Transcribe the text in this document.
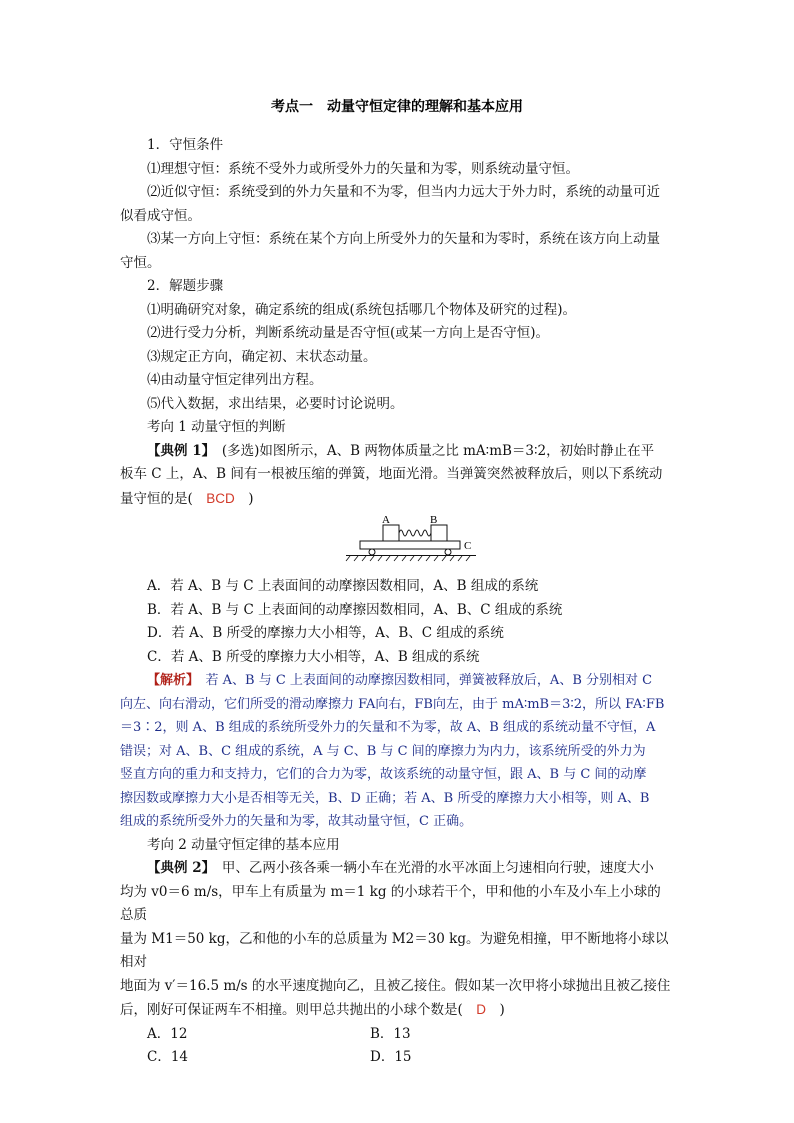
考点一　动量守恒定律的理解和基本应用

1．守恒条件

⑴理想守恒：系统不受外力或所受外力的矢量和为零，则系统动量守恒。

⑵近似守恒：系统受到的外力矢量和不为零，但当内力远大于外力时，系统的动量可近

似看成守恒。

⑶某一方向上守恒：系统在某个方向上所受外力的矢量和为零时，系统在该方向上动量

守恒。

2．解题步骤

⑴明确研究对象，确定系统的组成(系统包括哪几个物体及研究的过程)。

⑵进行受力分析，判断系统动量是否守恒(或某一方向上是否守恒)。

⑶规定正方向，确定初、末状态动量。

⑷由动量守恒定律列出方程。

⑸代入数据，求出结果，必要时讨论说明。

考向 1 动量守恒的判断

【典例 1】　(多选)如图所示，A、B 两物体质量之比 mA∶mB＝3∶2，初始时静止在平

板车 C 上，A、B 间有一根被压缩的弹簧，地面光滑。当弹簧突然被释放后，则以下系统动

量守恒的是(　BCD　)

A	B
C

A．若 A、B 与 C 上表面间的动摩擦因数相同，A、B 组成的系统

B．若 A、B 与 C 上表面间的动摩擦因数相同，A、B、C 组成的系统

D．若 A、B 所受的摩擦力大小相等，A、B、C 组成的系统

C．若 A、B 所受的摩擦力大小相等，A、B 组成的系统

【解析】　若 A、B 与 C 上表面间的动摩擦因数相同，弹簧被释放后，A、B 分别相对 C

向左、向右滑动，它们所受的滑动摩擦力 FA向右，FB向左，由于 mA∶mB＝3∶2，所以 FA∶FB

＝3∶2，则 A、B 组成的系统所受外力的矢量和不为零，故 A、B 组成的系统动量不守恒，A

错误；对 A、B、C 组成的系统，A 与 C、B 与 C 间的摩擦力为内力，该系统所受的外力为

竖直方向的重力和支持力，它们的合力为零，故该系统的动量守恒，跟 A、B 与 C 间的动摩

擦因数或摩擦力大小是否相等无关，B、D 正确；若 A、B 所受的摩擦力大小相等，则 A、B

组成的系统所受外力的矢量和为零，故其动量守恒，C 正确。

考向 2 动量守恒定律的基本应用

【典例 2】　甲、乙两小孩各乘一辆小车在光滑的水平冰面上匀速相向行驶，速度大小

均为 v0＝6 m/s，甲车上有质量为 m＝1 kg 的小球若干个，甲和他的小车及小车上小球的总质

量为 M1＝50 kg，乙和他的小车的总质量为 M2＝30 kg。为避免相撞，甲不断地将小球以相对

地面为 v′＝16.5 m/s 的水平速度抛向乙，且被乙接住。假如某一次甲将小球抛出且被乙接住

后，刚好可保证两车不相撞。则甲总共抛出的小球个数是(　D　)

A．12	B．13
C．14	D．15
